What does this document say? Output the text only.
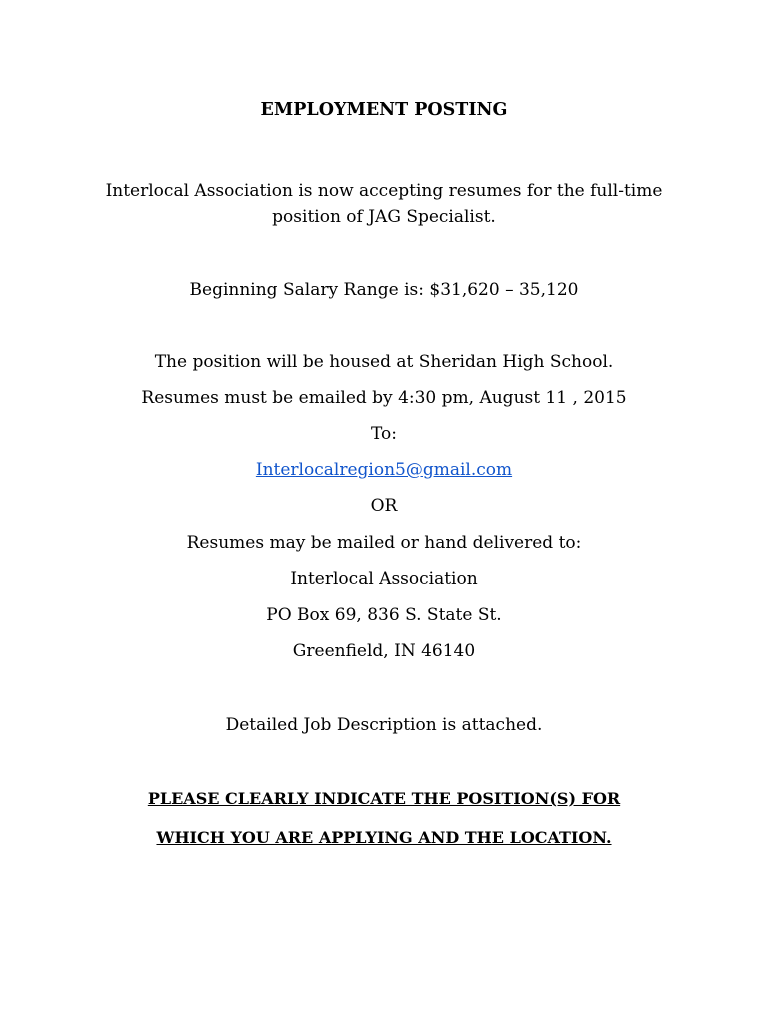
EMPLOYMENT POSTING
Interlocal Association is now accepting resumes for the full-time
position of JAG Specialist.
Beginning Salary Range is: $31,620 – 35,120
The position will be housed at Sheridan High School.
Resumes must be emailed by 4:30 pm, August 11 , 2015
To:
Interlocalregion5@gmail.com
OR
Resumes may be mailed or hand delivered to:
Interlocal Association
PO Box 69, 836 S. State St.
Greenfield, IN 46140
Detailed Job Description is attached.
PLEASE CLEARLY INDICATE THE POSITION(S) FOR
WHICH YOU ARE APPLYING AND THE LOCATION.
